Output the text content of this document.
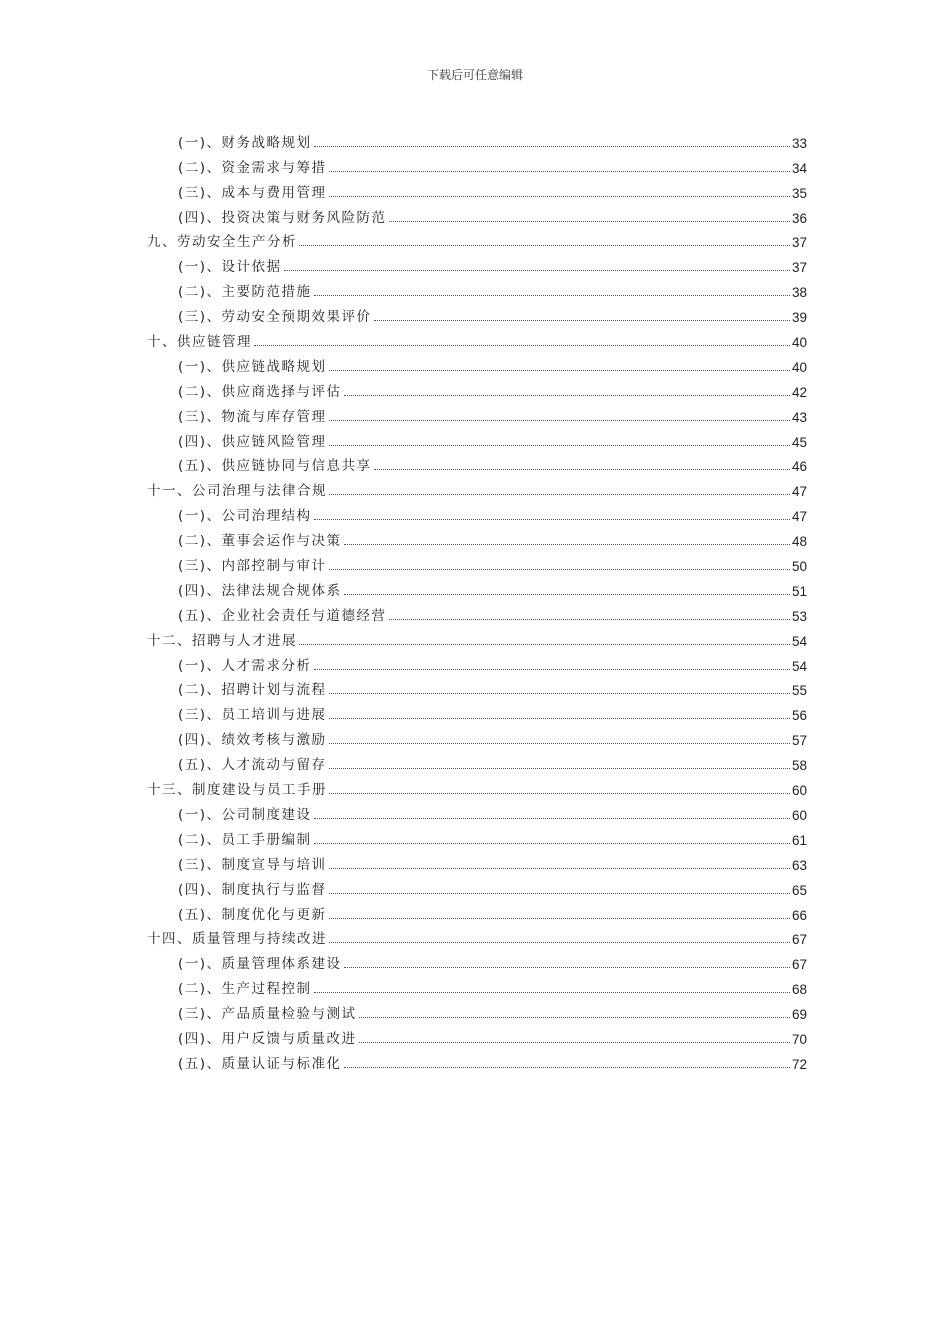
下载后可任意编辑
(一)、财务战略规划	33
(二)、资金需求与筹措	34
(三)、成本与费用管理	35
(四)、投资决策与财务风险防范	36
九、劳动安全生产分析	37
(一)、设计依据	37
(二)、主要防范措施	38
(三)、劳动安全预期效果评价	39
十、供应链管理	40
(一)、供应链战略规划	40
(二)、供应商选择与评估	42
(三)、物流与库存管理	43
(四)、供应链风险管理	45
(五)、供应链协同与信息共享	46
十一、公司治理与法律合规	47
(一)、公司治理结构	47
(二)、董事会运作与决策	48
(三)、内部控制与审计	50
(四)、法律法规合规体系	51
(五)、企业社会责任与道德经营	53
十二、招聘与人才进展	54
(一)、人才需求分析	54
(二)、招聘计划与流程	55
(三)、员工培训与进展	56
(四)、绩效考核与激励	57
(五)、人才流动与留存	58
十三、制度建设与员工手册	60
(一)、公司制度建设	60
(二)、员工手册编制	61
(三)、制度宣导与培训	63
(四)、制度执行与监督	65
(五)、制度优化与更新	66
十四、质量管理与持续改进	67
(一)、质量管理体系建设	67
(二)、生产过程控制	68
(三)、产品质量检验与测试	69
(四)、用户反馈与质量改进	70
(五)、质量认证与标准化	72
